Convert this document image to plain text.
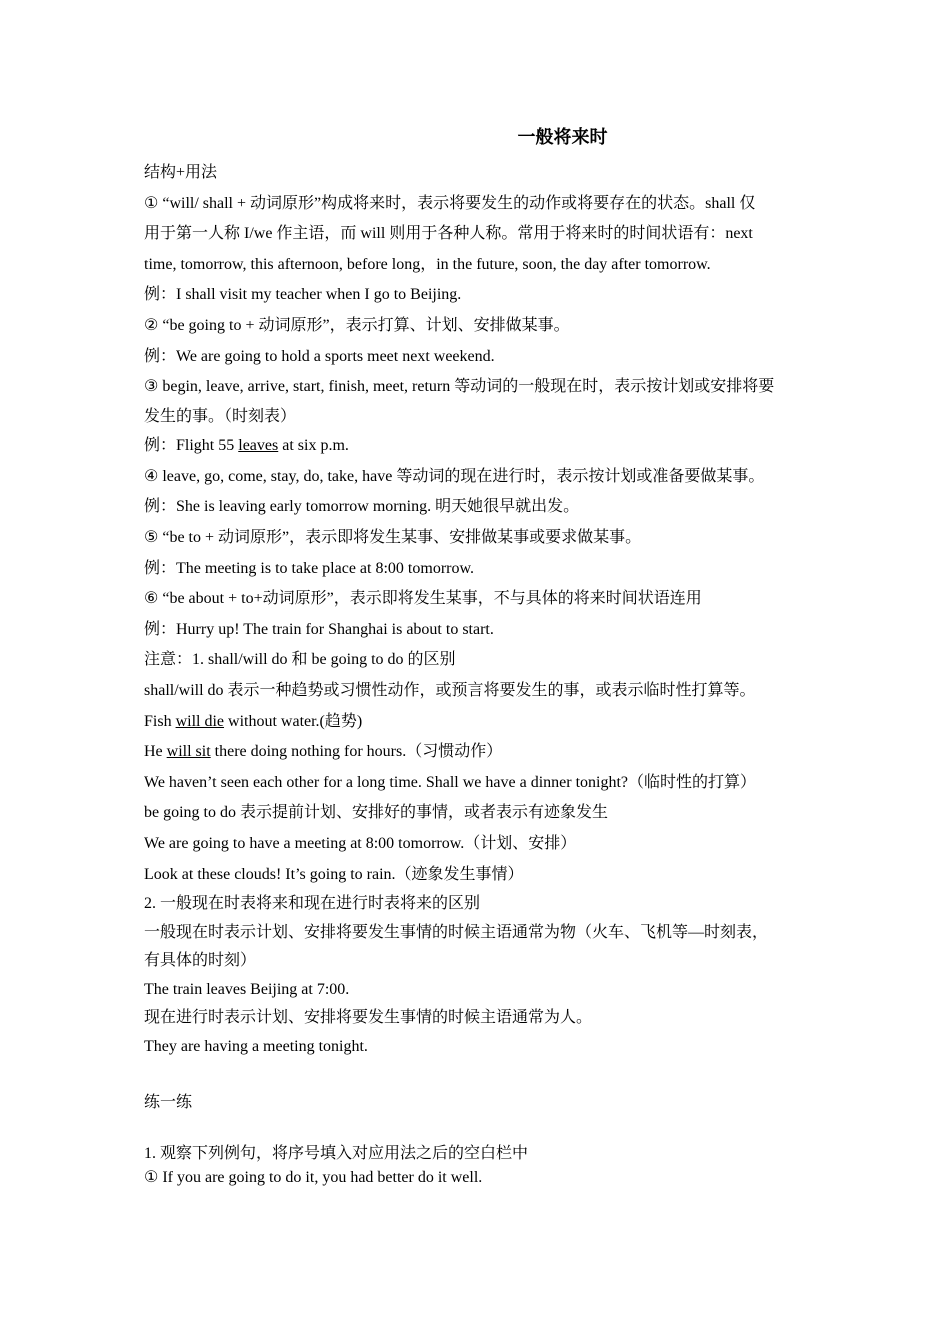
一般将来时

结构+用法

① “will/ shall + 动词原形”构成将来时，表示将要发生的动作或将要存在的状态。shall 仅

用于第一人称 I/we 作主语，而 will 则用于各种人称。常用于将来时的时间状语有：next

time, tomorrow, this afternoon, before long，in the future, soon, the day after tomorrow.

例：I shall visit my teacher when I go to Beijing.

② “be going to + 动词原形”，表示打算、计划、安排做某事。

例：We are going to hold a sports meet next weekend.

③ begin, leave, arrive, start, finish, meet, return 等动词的一般现在时，表示按计划或安排将要

发生的事。（时刻表）

例：Flight 55 leaves at six p.m.

④ leave, go, come, stay, do, take, have 等动词的现在进行时，表示按计划或准备要做某事。

例：She is leaving early tomorrow morning. 明天她很早就出发。

⑤ “be to + 动词原形”，表示即将发生某事、安排做某事或要求做某事。

例：The meeting is to take place at 8:00 tomorrow.

⑥ “be about + to+动词原形”，表示即将发生某事，不与具体的将来时间状语连用

例：Hurry up! The train for Shanghai is about to start.

注意：1. shall/will do 和 be going to do 的区别

shall/will do 表示一种趋势或习惯性动作，或预言将要发生的事，或表示临时性打算等。

Fish will die without water.(趋势)

He will sit there doing nothing for hours.（习惯动作）

We haven’t seen each other for a long time. Shall we have a dinner tonight?（临时性的打算）

be going to do 表示提前计划、安排好的事情，或者表示有迹象发生

We are going to have a meeting at 8:00 tomorrow.（计划、安排）

Look at these clouds! It’s going to rain.（迹象发生事情）

2. 一般现在时表将来和现在进行时表将来的区别

一般现在时表示计划、安排将要发生事情的时候主语通常为物（火车、飞机等—时刻表，

有具体的时刻）

The train leaves Beijing at 7:00.

现在进行时表示计划、安排将要发生事情的时候主语通常为人。

They are having a meeting tonight.

练一练

1. 观察下列例句，将序号填入对应用法之后的空白栏中

① If you are going to do it, you had better do it well.
